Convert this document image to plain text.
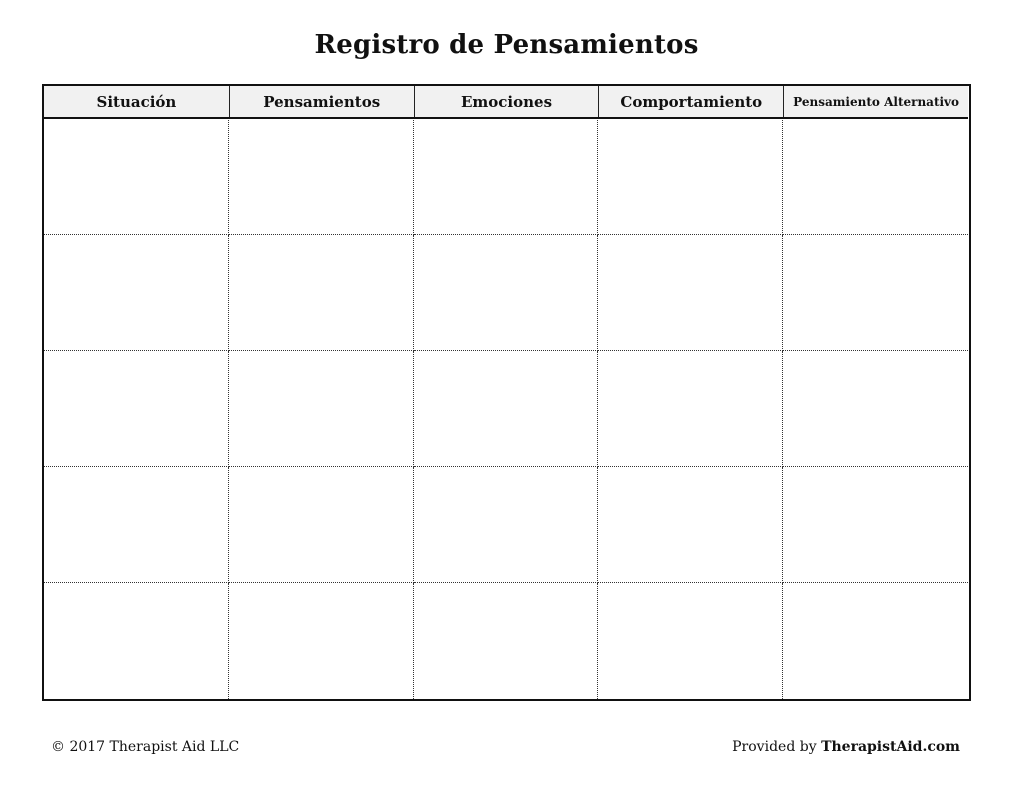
Registro de Pensamientos
Situación	Pensamientos	Emociones	Comportamiento	Pensamiento Alternativo
© 2017 Therapist Aid LLC	Provided by TherapistAid.com
